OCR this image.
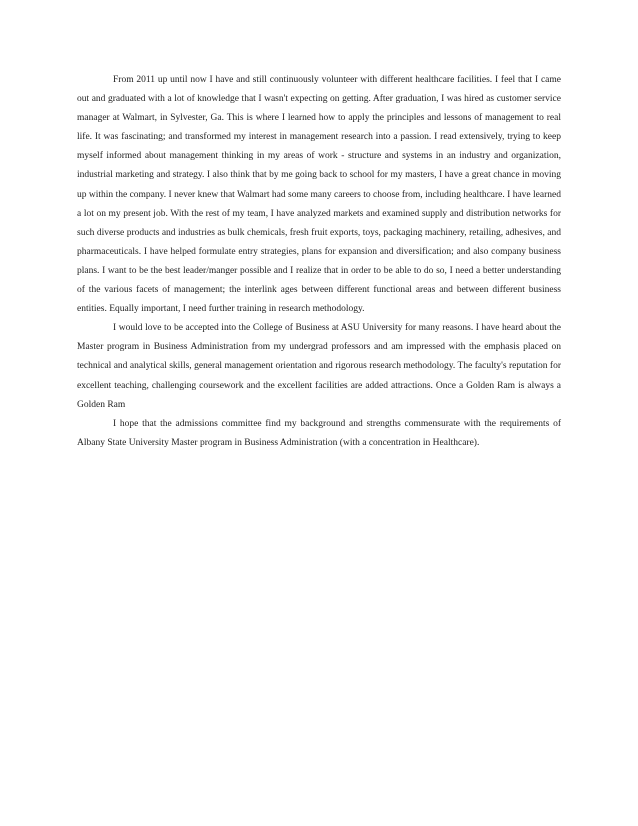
From 2011 up until now I have and still continuously volunteer with different healthcare facilities. I feel that I came out and graduated with a lot of knowledge that I wasn't expecting on getting. After graduation, I was hired as customer service manager at Walmart, in Sylvester, Ga. This is where I learned how to apply the principles and lessons of management to real life. It was fascinating; and transformed my interest in management research into a passion. I read extensively, trying to keep myself informed about management thinking in my areas of work - structure and systems in an industry and organization, industrial marketing and strategy. I also think that by me going back to school for my masters, I have a great chance in moving up within the company. I never knew that Walmart had some many careers to choose from, including healthcare. I have learned a lot on my present job. With the rest of my team, I have analyzed markets and examined supply and distribution networks for such diverse products and industries as bulk chemicals, fresh fruit exports, toys, packaging machinery, retailing, adhesives, and pharmaceuticals. I have helped formulate entry strategies, plans for expansion and diversification; and also company business plans. I want to be the best leader/manger possible and I realize that in order to be able to do so, I need a better understanding of the various facets of management; the interlink ages between different functional areas and between different business entities. Equally important, I need further training in research methodology.

I would love to be accepted into the College of Business at ASU University for many reasons. I have heard about the Master program in Business Administration from my undergrad professors and am impressed with the emphasis placed on technical and analytical skills, general management orientation and rigorous research methodology. The faculty's reputation for excellent teaching, challenging coursework and the excellent facilities are added attractions. Once a Golden Ram is always a Golden Ram

I hope that the admissions committee find my background and strengths commensurate with the requirements of Albany State University Master program in Business Administration (with a concentration in Healthcare).
